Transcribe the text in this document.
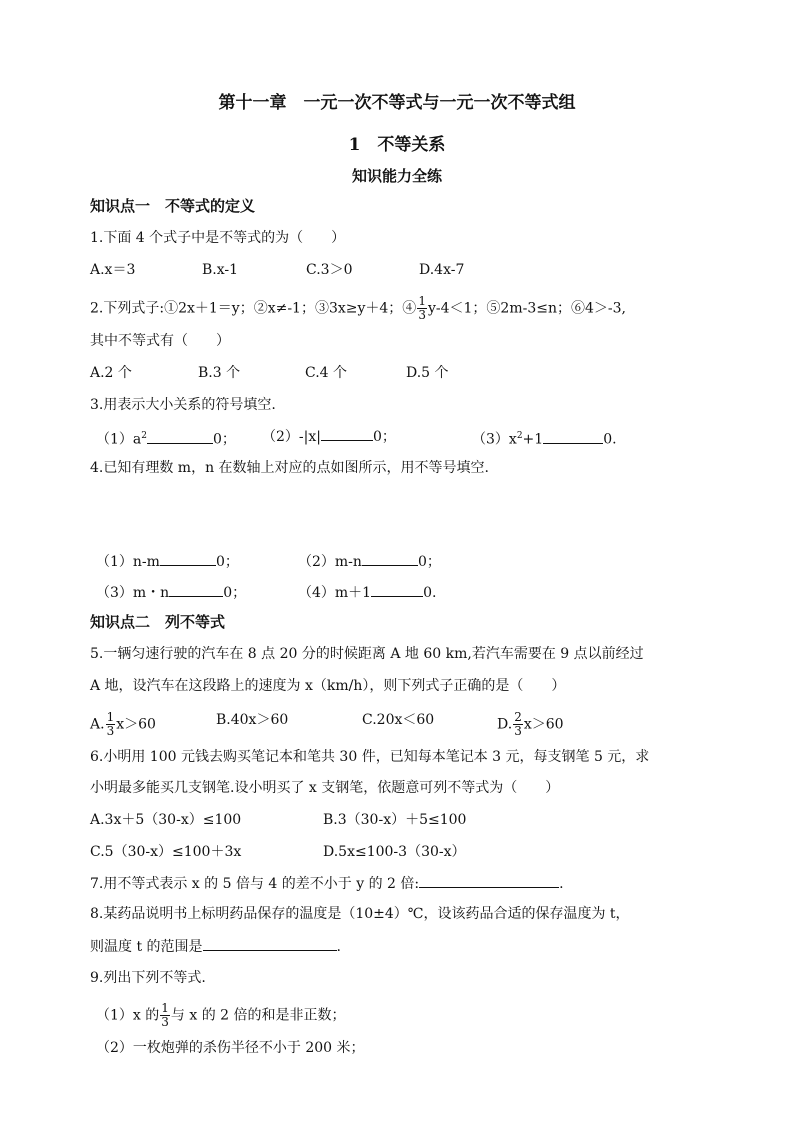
第十一章　一元一次不等式与一元一次不等式组
1　不等关系
知识能力全练
知识点一　不等式的定义
1.下面 4 个式子中是不等式的为（　　）
A.x＝3	B.x-1	C.3＞0	D.4x-7
2.下列式子:①2x＋1＝y；②x≠-1；③3x≥y＋4；④ $\frac{1}{3} y-4<1$；⑤2m-3≤n；⑥4＞-3,
其中不等式有（　　）
A.2 个	B.3 个	C.4 个	D.5 个
3.用表示大小关系的符号填空.
$(1)a^2$	0； （2）-|x|	0；	$(3)x^2+1$	0.
4.已知有理数 m，n 在数轴上对应的点如图所示，用不等号填空.
（1）n-m	0；	（2）m-n	0；
（3）m・n	0；	（4）m＋1	0.
知识点二　列不等式
5.一辆匀速行驶的汽车在 8 点 20 分的时候距离 A 地 60 km,若汽车需要在 9 点以前经过
A 地，设汽车在这段路上的速度为 x（km/h），则下列式子正确的是（　　）
A. $\frac{1}{3} x>60$	B.40x＞60	C.20x＜60	D. $\frac{2}{3} x>60$
6.小明用 100 元钱去购买笔记本和笔共 30 件，已知每本笔记本 3 元，每支钢笔 5 元，求
小明最多能买几支钢笔.设小明买了 x 支钢笔，依题意可列不等式为（　　）
A.3x＋5（30-x）≤100	B.3（30-x）＋5≤100
C.5（30-x）≤100＋3x	D.5x≤100-3（30-x）
7.用不等式表示 x 的 5 倍与 4 的差不小于 y 的 2 倍:	.
8.某药品说明书上标明药品保存的温度是（10±4）℃，设该药品合适的保存温度为 t，
则温度 t 的范围是	.
9.列出下列不等式.
（1）x 的 $\frac{1}{3}$ 与 x 的 2 倍的和是非正数；
（2）一枚炮弹的杀伤半径不小于 200 米；
